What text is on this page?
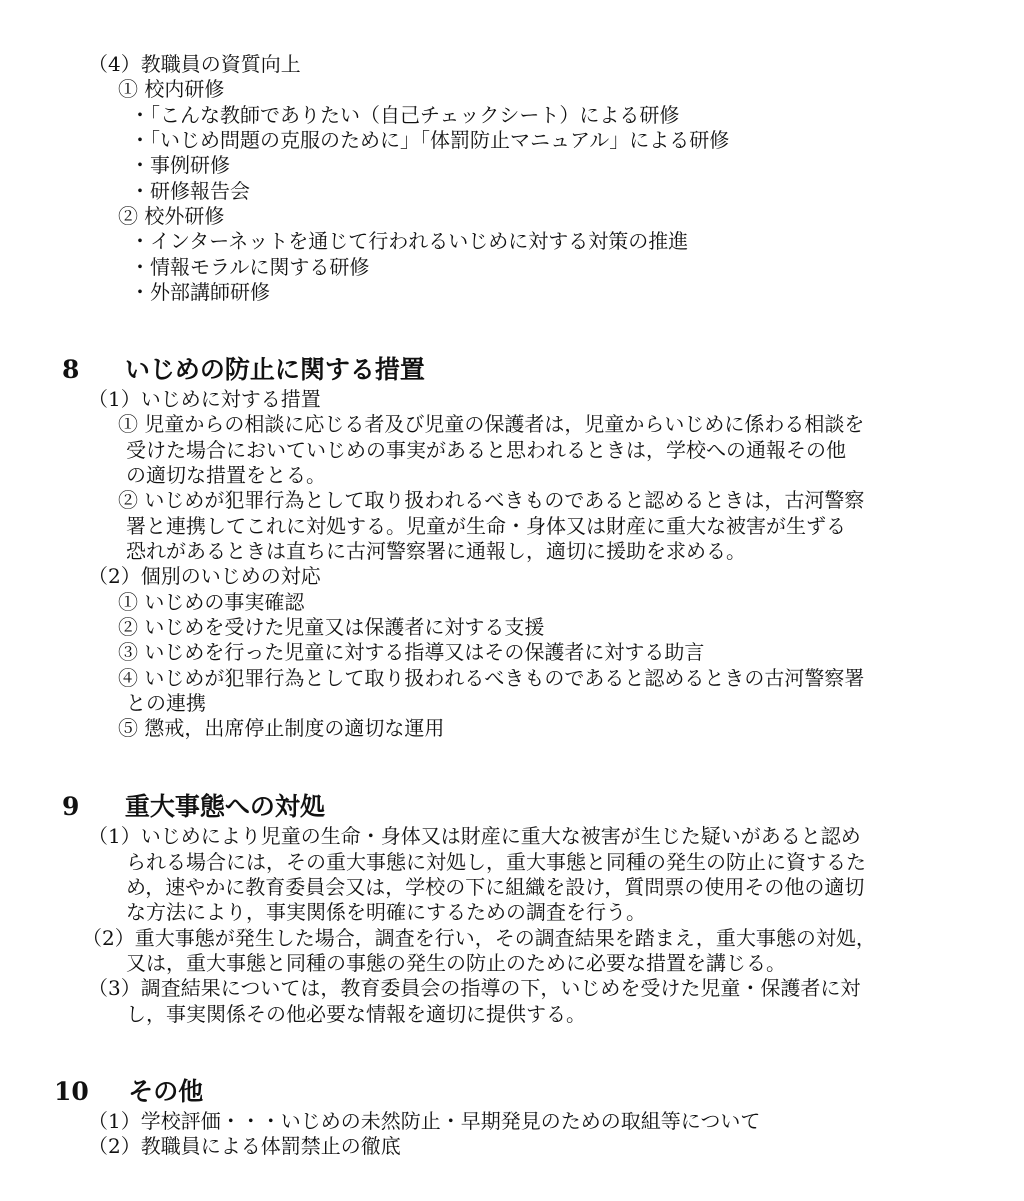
（4）教職員の資質向上
① 校内研修
・「こんな教師でありたい（自己チェックシート）による研修
・「いじめ問題の克服のために」「体罰防止マニュアル」による研修
・事例研修
・研修報告会
② 校外研修
・インターネットを通じて行われるいじめに対する対策の推進
・情報モラルに関する研修
・外部講師研修
8 いじめの防止に関する措置
（1）いじめに対する措置
① 児童からの相談に応じる者及び児童の保護者は，児童からいじめに係わる相談を
受けた場合においていじめの事実があると思われるときは，学校への通報その他
の適切な措置をとる。
② いじめが犯罪行為として取り扱われるべきものであると認めるときは，古河警察
署と連携してこれに対処する。児童が生命・身体又は財産に重大な被害が生ずる
恐れがあるときは直ちに古河警察署に通報し，適切に援助を求める。
（2）個別のいじめの対応
① いじめの事実確認
② いじめを受けた児童又は保護者に対する支援
③ いじめを行った児童に対する指導又はその保護者に対する助言
④ いじめが犯罪行為として取り扱われるべきものであると認めるときの古河警察署
との連携
⑤ 懲戒，出席停止制度の適切な運用
9 重大事態への対処
（1）いじめにより児童の生命・身体又は財産に重大な被害が生じた疑いがあると認め
られる場合には，その重大事態に対処し，重大事態と同種の発生の防止に資するた
め，速やかに教育委員会又は，学校の下に組織を設け，質問票の使用その他の適切
な方法により，事実関係を明確にするための調査を行う。
（2）重大事態が発生した場合，調査を行い，その調査結果を踏まえ，重大事態の対処，
又は，重大事態と同種の事態の発生の防止のために必要な措置を講じる。
（3）調査結果については，教育委員会の指導の下，いじめを受けた児童・保護者に対
し，事実関係その他必要な情報を適切に提供する。
10 その他
（1）学校評価・・・いじめの未然防止・早期発見のための取組等について
（2）教職員による体罰禁止の徹底
